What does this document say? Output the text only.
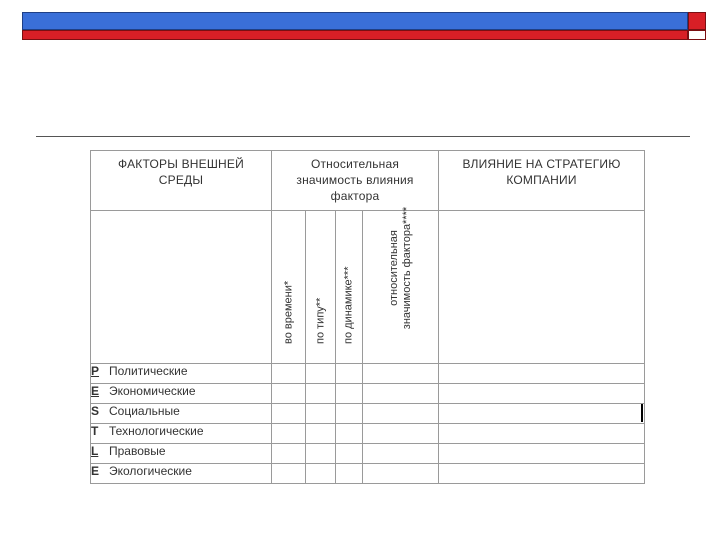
ФАКТОРЫ ВНЕШНЕЙ СРЕДЫ	Относительная значимость влияния фактора				ВЛИЯНИЕ НА СТРАТЕГИЮ КОМПАНИИ

	во времени*	по типу**	по динамике***	относительная значимость фактора****	

P Политические					
E Экономические					
S Социальные					
T Технологические					
L Правовые					
E Экологические					
